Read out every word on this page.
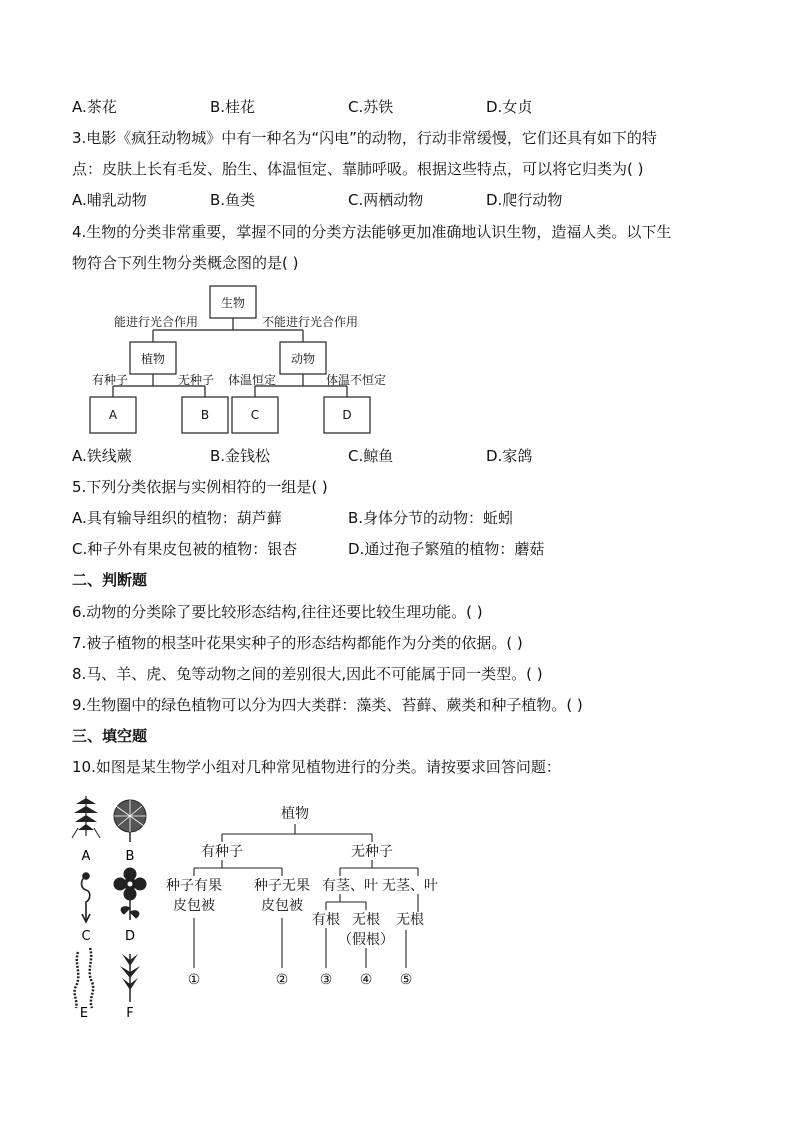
A.茶花	B.桂花	C.苏铁	D.女贞
3.电影《疯狂动物城》中有一种名为“闪电”的动物，行动非常缓慢，它们还具有如下的特
点：皮肤上长有毛发、胎生、体温恒定、靠肺呼吸。根据这些特点，可以将它归类为( )
A.哺乳动物	B.鱼类	C.两栖动物	D.爬行动物
4.生物的分类非常重要，掌握不同的分类方法能够更加准确地认识生物，造福人类。以下生
物符合下列生物分类概念图的是( )
生物
能进行光合作用	不能进行光合作用
植物	动物
有种子	无种子 体温恒定	体温不恒定
A	B	C	D
A.铁线蕨	B.金钱松	C.鲸鱼	D.家鸽
5.下列分类依据与实例相符的一组是( )
A.具有输导组织的植物：葫芦藓	B.身体分节的动物：蚯蚓
C.种子外有果皮包被的植物：银杏	D.通过孢子繁殖的植物：蘑菇
二、判断题
6.动物的分类除了要比较形态结构,往往还要比较生理功能。( )
7.被子植物的根茎叶花果实种子的形态结构都能作为分类的依据。( )
8.马、羊、虎、兔等动物之间的差别很大,因此不可能属于同一类型。( )
9.生物圈中的绿色植物可以分为四大类群：藻类、苔藓、蕨类和种子植物。( )
三、填空题
10.如图是某生物学小组对几种常见植物进行的分类。请按要求回答问题：
A	B
C	D
E	F
植物
有种子	无种子
种子有果
皮包被
种子无果
皮包被
有茎、叶 无茎、叶
有根 无根
（假根）
无根
①	② ③ ④ ⑤
